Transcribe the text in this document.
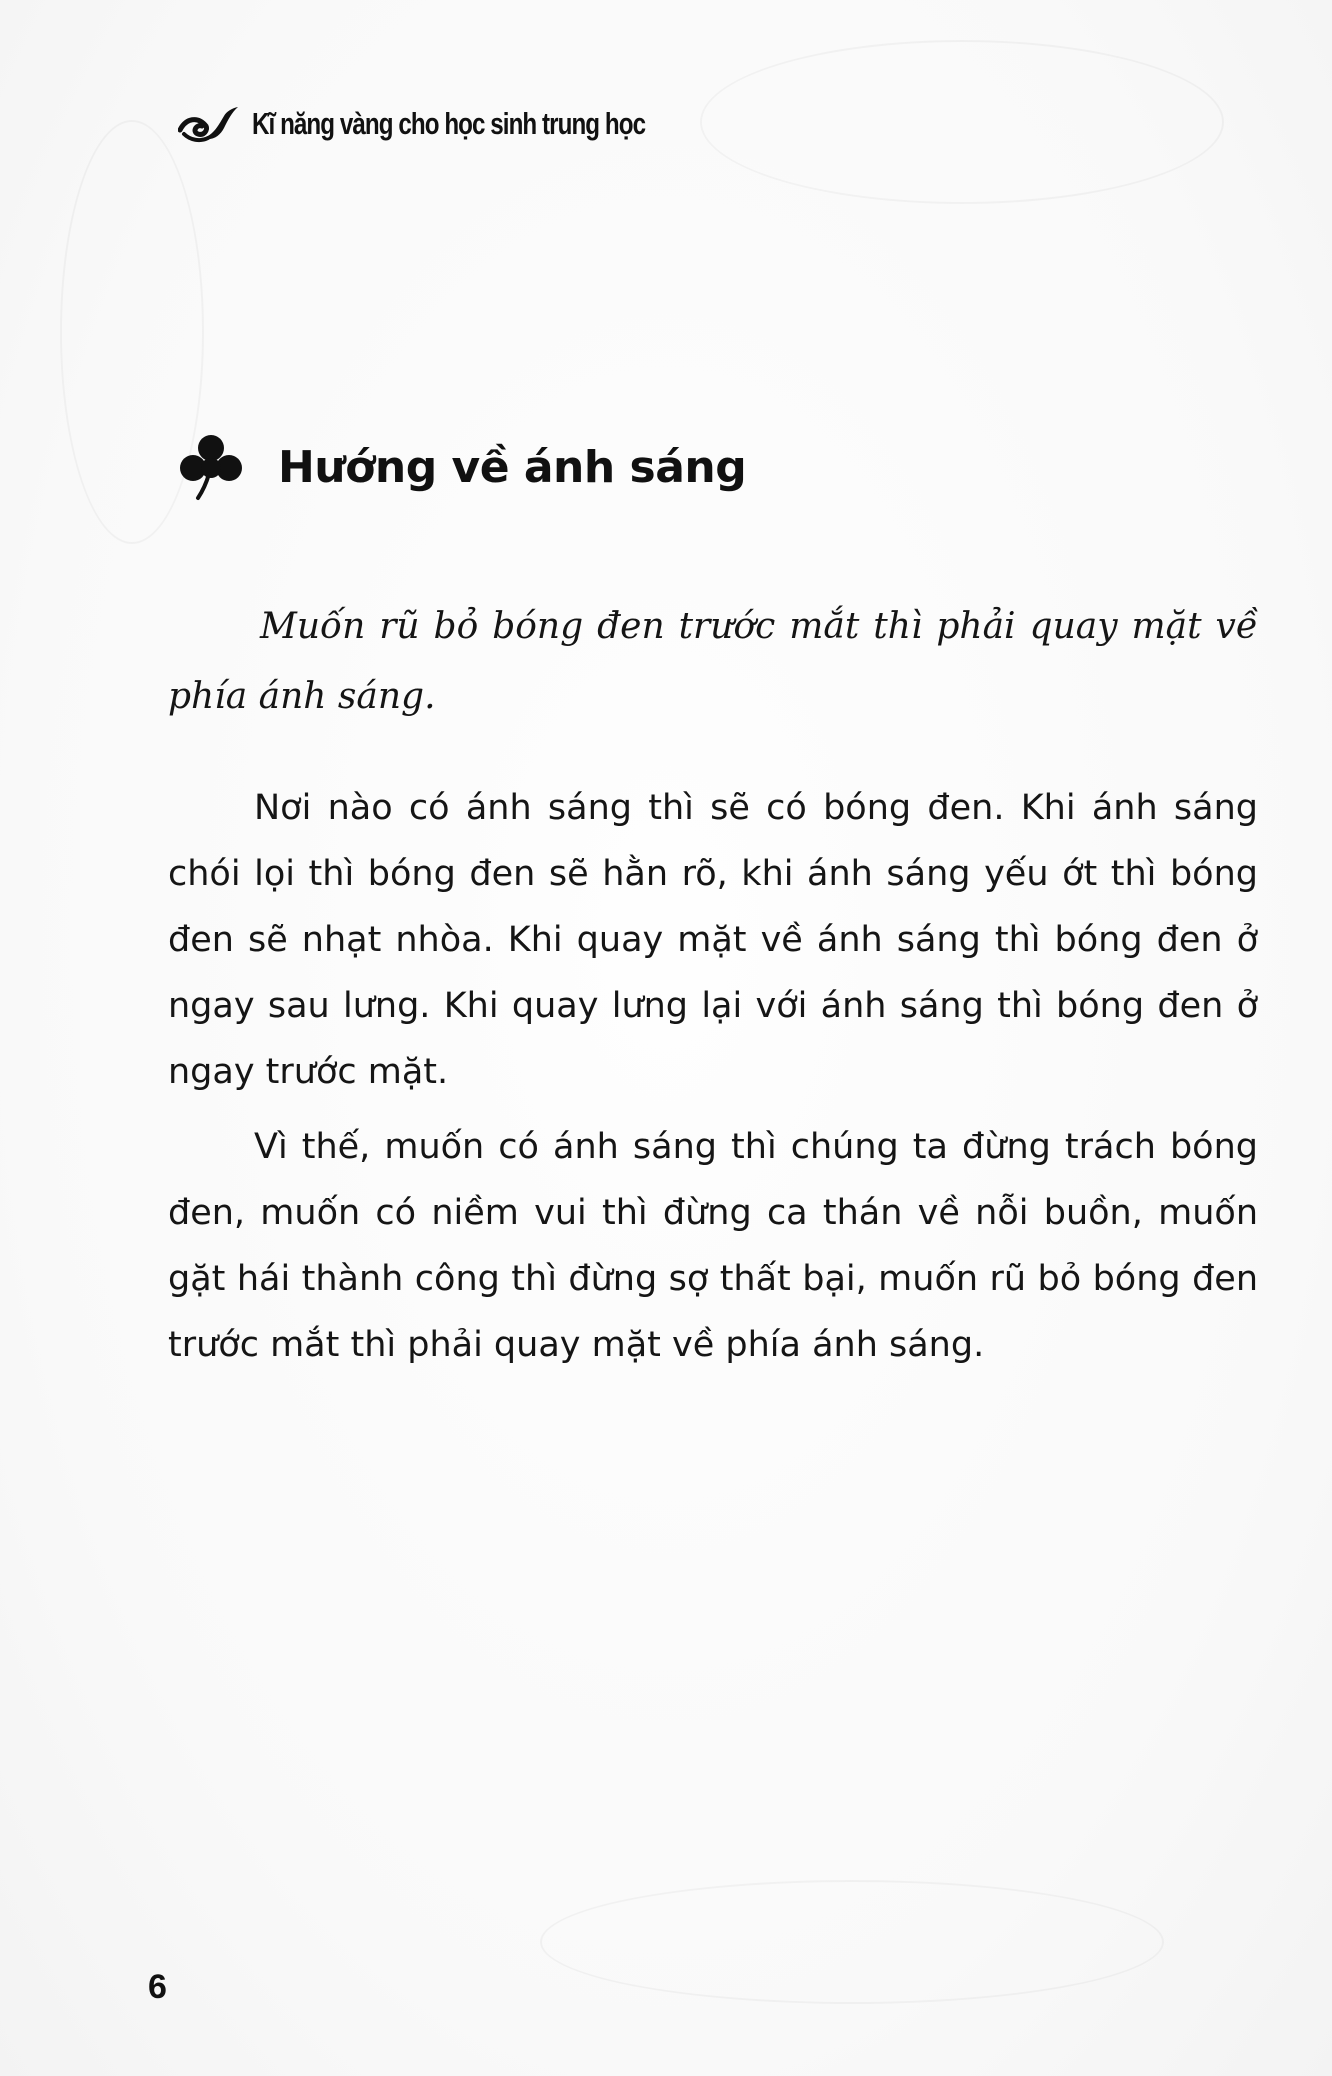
Kĩ năng vàng cho học sinh trung học
Hướng về ánh sáng

Muốn rũ bỏ bóng đen trước mắt thì phải quay mặt về phía ánh sáng.

Nơi nào có ánh sáng thì sẽ có bóng đen. Khi ánh sáng chói lọi thì bóng đen sẽ hằn rõ, khi ánh sáng yếu ớt thì bóng đen sẽ nhạt nhòa. Khi quay mặt về ánh sáng thì bóng đen ở ngay sau lưng. Khi quay lưng lại với ánh sáng thì bóng đen ở ngay trước mặt.

Vì thế, muốn có ánh sáng thì chúng ta đừng trách bóng đen, muốn có niềm vui thì đừng ca thán về nỗi buồn, muốn gặt hái thành công thì đừng sợ thất bại, muốn rũ bỏ bóng đen trước mắt thì phải quay mặt về phía ánh sáng.

6
